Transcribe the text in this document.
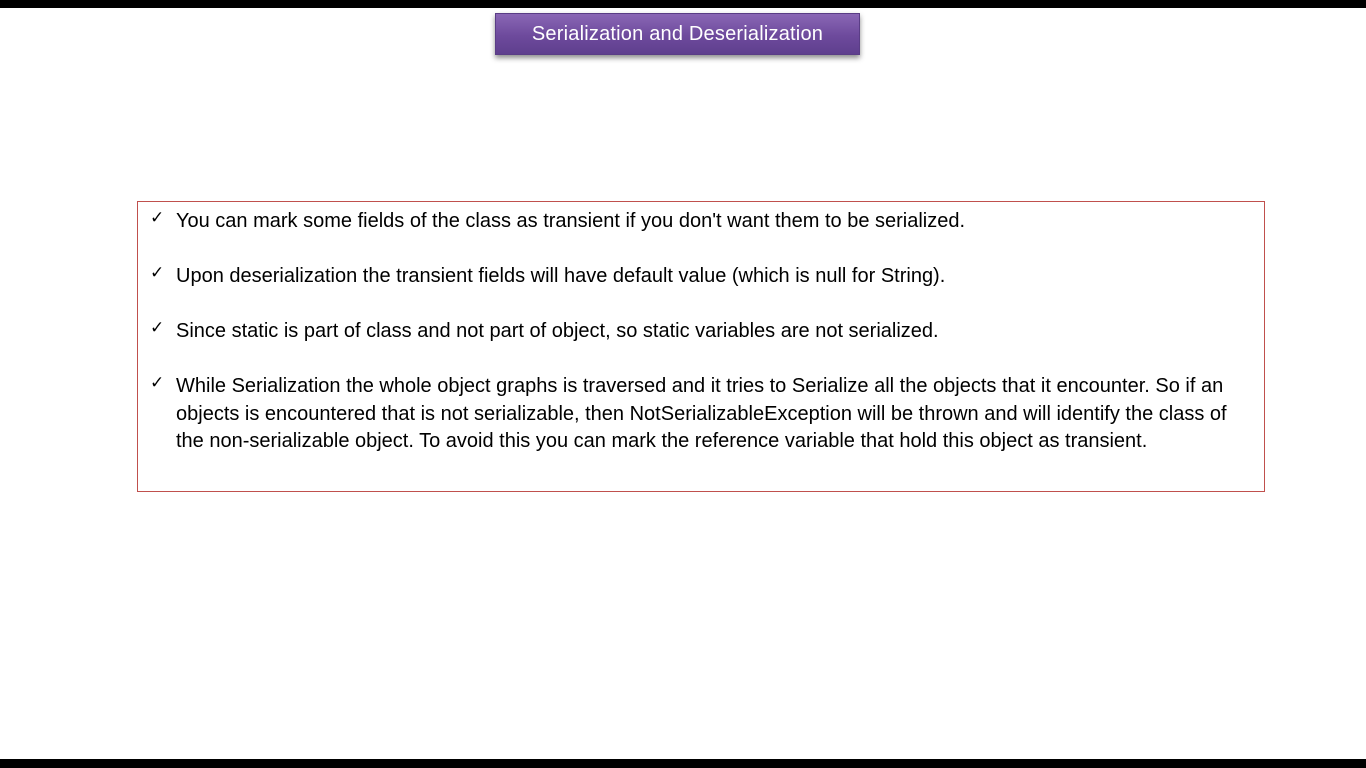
Serialization and Deserialization
✓ You can mark some fields of the class as transient if you don't want them to be serialized.
✓ Upon deserialization the transient fields will have default value (which is null for String).
✓ Since static is part of class and not part of object, so static variables are not serialized.
✓ While Serialization the whole object graphs is traversed and it tries to Serialize all the objects that it encounter. So if an objects is encountered that is not serializable, then NotSerializableException will be thrown and will identify the class of the non-serializable object. To avoid this you can mark the reference variable that hold this object as transient.
